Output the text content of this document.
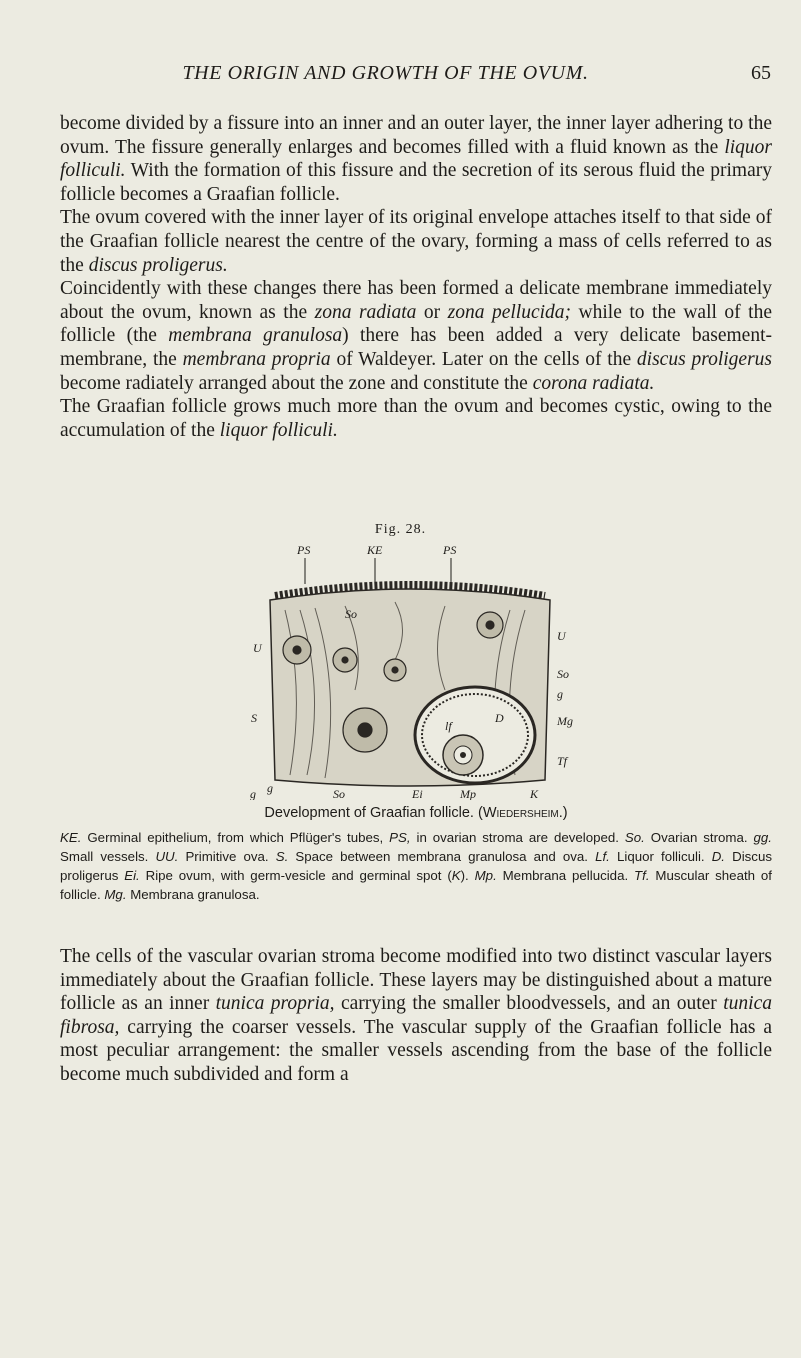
THE ORIGIN AND GROWTH OF THE OVUM.	65

become divided by a fissure into an inner and an outer layer, the inner layer adhering to the ovum. The fissure generally enlarges and becomes filled with a fluid known as the liquor folliculi. With the formation of this fissure and the secretion of its serous fluid the primary follicle becomes a Graafian follicle.

The ovum covered with the inner layer of its original envelope attaches itself to that side of the Graafian follicle nearest the centre of the ovary, forming a mass of cells referred to as the discus proligerus.

Coincidently with these changes there has been formed a delicate membrane immediately about the ovum, known as the zona radiata or zona pellucida; while to the wall of the follicle (the membrana granulosa) there has been added a very delicate basement-membrane, the membrana propria of Waldeyer. Later on the cells of the discus proligerus become radiately arranged about the zone and constitute the corona radiata.

The Graafian follicle grows much more than the ovum and becomes cystic, owing to the accumulation of the liquor folliculi.

Fig. 28.
PS	KE	PS
U
U
So
g
S	Mg
Tf
lf
D
So
g g	So	Ei	Mp	K
Development of Graafian follicle. (Wiedersheim.)
KE. Germinal epithelium, from which Pflüger's tubes, PS, in ovarian stroma are developed. So. Ovarian stroma. gg. Small vessels. UU. Primitive ova. S. Space between membrana granulosa and ova. Lf. Liquor folliculi. D. Discus proligerus Ei. Ripe ovum, with germ-vesicle and germinal spot (K). Mp. Membrana pellucida. Tf. Muscular sheath of follicle. Mg. Membrana granulosa.

The cells of the vascular ovarian stroma become modified into two distinct vascular layers immediately about the Graafian follicle. These layers may be distinguished about a mature follicle as an inner tunica propria, carrying the smaller bloodvessels, and an outer tunica fibrosa, carrying the coarser vessels. The vascular supply of the Graafian follicle has a most peculiar arrangement: the smaller vessels ascending from the base of the follicle become much subdivided and form a
